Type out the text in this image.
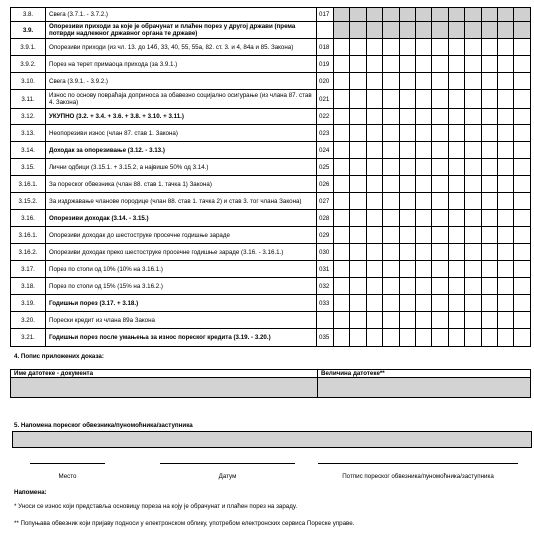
3.8.	Свега (3.7.1. - 3.7.2.)	017												
3.9.	Опорезиви приходи за које је обрачунат и плаћен порез у другој држави (према потврди надлежног државног органа те државе)													
3.9.1.	Опорезиви приходи (из чл. 13. до 14б, 33, 40, 55, 55а, 82. ст. 3. и 4, 84а и 85. Закона)	018												
3.9.2.	Порез на терет примаоца прихода (за 3.9.1.)	019												
3.10.	Свега (3.9.1. - 3.9.2.)	020												
3.11.	Износ по основу повраћаја доприноса за обавезно социјално осигурање (из члана 87. став 4. Закона)	021												
3.12.	УКУПНО (3.2. + 3.4. + 3.6. + 3.8. + 3.10. + 3.11.)	022												
3.13.	Неопорезиви износ (члан 87. став 1. Закона)	023												
3.14.	Доходак за опорезивање (3.12. - 3.13.)	024												
3.15.	Лични одбици (3.15.1. + 3.15.2, а највише 50% од 3.14.)	025												
3.16.1.	За пореског обвезника (члан 88. став 1. тачка 1) Закона)	026												
3.15.2.	За издржавање чланове породице (члан 88. став 1. тачка 2) и став 3. тог члана Закона)	027												
3.16.	Опорезиви доходак (3.14. - 3.15.)	028												
3.16.1.	Опорезиви доходак до шестоструке просечне годишње зараде	029												
3.16.2.	Опорезиви доходак преко шестоструке просечне годишње зараде (3.16. - 3.16.1.)	030												
3.17.	Порез по стопи од 10% (10% на 3.16.1.)	031												
3.18.	Порез по стопи од 15% (15% на 3.16.2.)	032												
3.19.	Годишњи порез (3.17. + 3.18.)	033												
3.20.	Порески кредит из члана 89а Закона													
3.21.	Годишњи порез после умањења за износ пореског кредита (3.19. - 3.20.)	035												
4. Попис приложених доказа:
Име датотеке - документа	Величина датотеке**

5. Напомена пореског обвезника/пуномоћника/заступника
Место	Датум	Потпис пореског обвезника/пуномоћника/заступника
Напомена:
* Уноси се износ који представља основицу пореза на коју је обрачунат и плаћен порез на зараду.
** Попуњава обвезник који пријаву подноси у електронском облику, употребом електронских сервиса Пореске управе.
